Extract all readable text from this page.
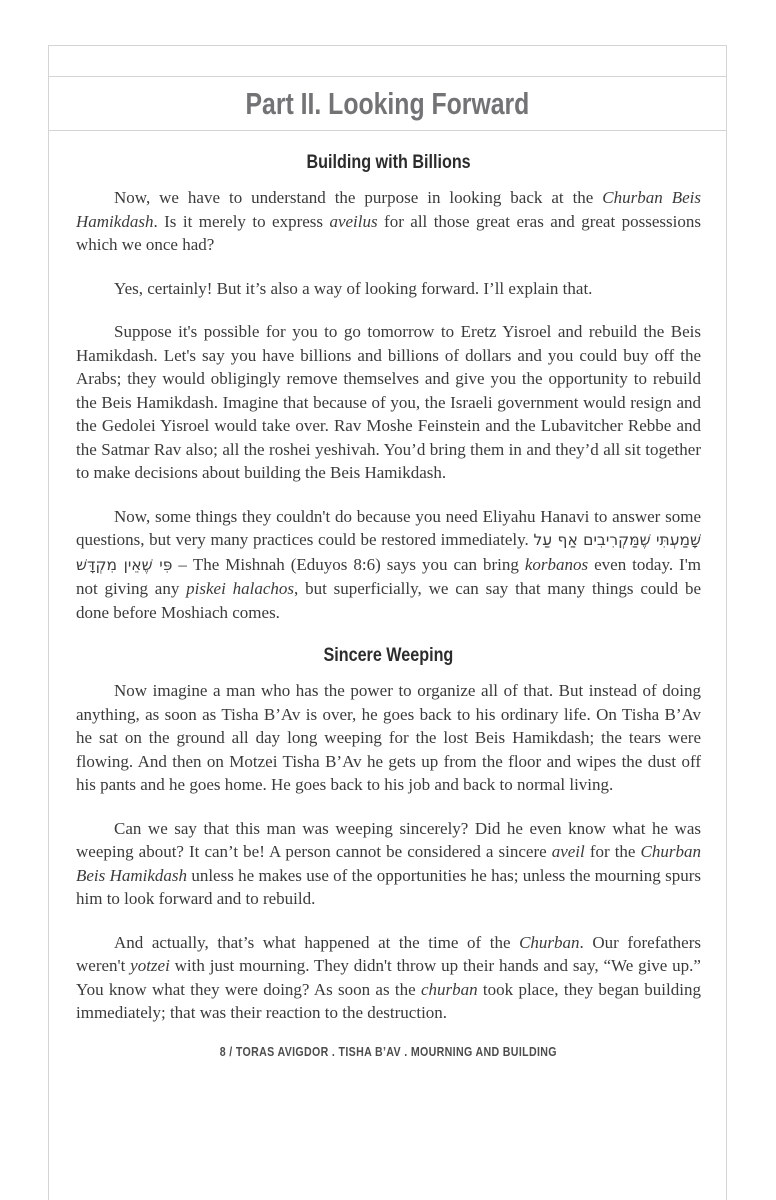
Part II. Looking Forward
Building with Billions

Now, we have to understand the purpose in looking back at the Churban Beis Hamikdash. Is it merely to express aveilus for all those great eras and great possessions which we once had?

Yes, certainly! But it’s also a way of looking forward. I’ll explain that.

Suppose it's possible for you to go tomorrow to Eretz Yisroel and rebuild the Beis Hamikdash. Let's say you have billions and billions of dollars and you could buy off the Arabs; they would obligingly remove themselves and give you the opportunity to rebuild the Beis Hamikdash. Imagine that because of you, the Israeli government would resign and the Gedolei Yisroel would take over. Rav Moshe Feinstein and the Lubavitcher Rebbe and the Satmar Rav also; all the roshei yeshivah. You’d bring them in and they’d all sit together to make decisions about building the Beis Hamikdash.

Now, some things they couldn't do because you need Eliyahu Hanavi to answer some questions, but very many practices could be restored immediately. שָׁמַעְתִּי שֶׁמַּקְרִיבִים אַף עַל פִּי שֶׁאֵין מִקְדָּשׁ – The Mishnah (Eduyos 8:6) says you can bring korbanos even today. I'm not giving any piskei halachos, but superficially, we can say that many things could be done before Moshiach comes.

Sincere Weeping

Now imagine a man who has the power to organize all of that. But instead of doing anything, as soon as Tisha B’Av is over, he goes back to his ordinary life. On Tisha B’Av he sat on the ground all day long weeping for the lost Beis Hamikdash; the tears were flowing. And then on Motzei Tisha B’Av he gets up from the floor and wipes the dust off his pants and he goes home. He goes back to his job and back to normal living.

Can we say that this man was weeping sincerely? Did he even know what he was weeping about? It can’t be! A person cannot be considered a sincere aveil for the Churban Beis Hamikdash unless he makes use of the opportunities he has; unless the mourning spurs him to look forward and to rebuild.

And actually, that’s what happened at the time of the Churban. Our forefathers weren't yotzei with just mourning. They didn't throw up their hands and say, “We give up.” You know what they were doing? As soon as the churban took place, they began building immediately; that was their reaction to the destruction.

8 / TORAS AVIGDOR . TISHA B’AV . MOURNING AND BUILDING
